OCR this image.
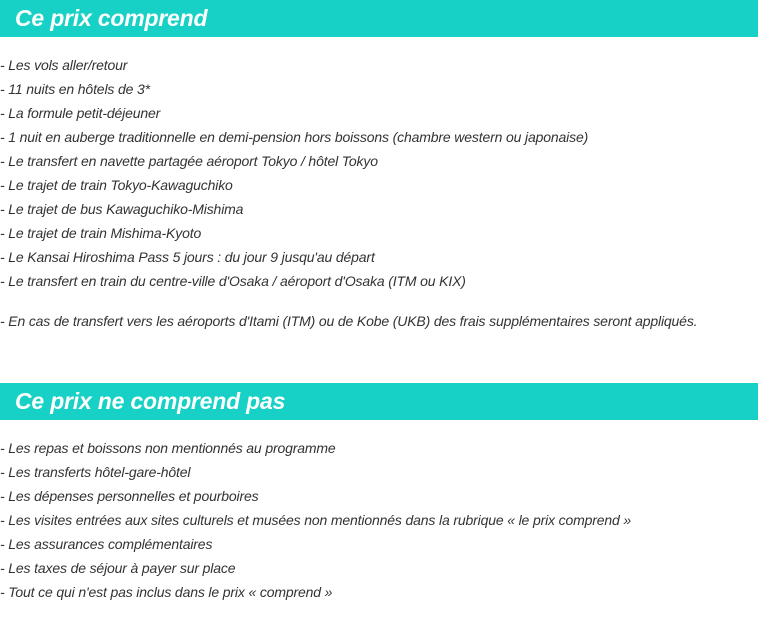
Ce prix comprend
- Les vols aller/retour
- 11 nuits en hôtels de 3*
- La formule petit-déjeuner
- 1 nuit en auberge traditionnelle en demi-pension hors boissons (chambre western ou japonaise)
- Le transfert en navette partagée aéroport Tokyo / hôtel Tokyo
- Le trajet de train Tokyo-Kawaguchiko
- Le trajet de bus Kawaguchiko-Mishima
- Le trajet de train Mishima-Kyoto
- Le Kansai Hiroshima Pass 5 jours : du jour 9 jusqu'au départ
- Le transfert en train du centre-ville d'Osaka / aéroport d'Osaka (ITM ou KIX)

- En cas de transfert vers les aéroports d'Itami (ITM) ou de Kobe (UKB) des frais supplémentaires seront appliqués.

Ce prix ne comprend pas
- Les repas et boissons non mentionnés au programme
- Les transferts hôtel-gare-hôtel
- Les dépenses personnelles et pourboires
- Les visites entrées aux sites culturels et musées non mentionnés dans la rubrique « le prix comprend »
- Les assurances complémentaires
- Les taxes de séjour à payer sur place
- Tout ce qui n'est pas inclus dans le prix « comprend »
